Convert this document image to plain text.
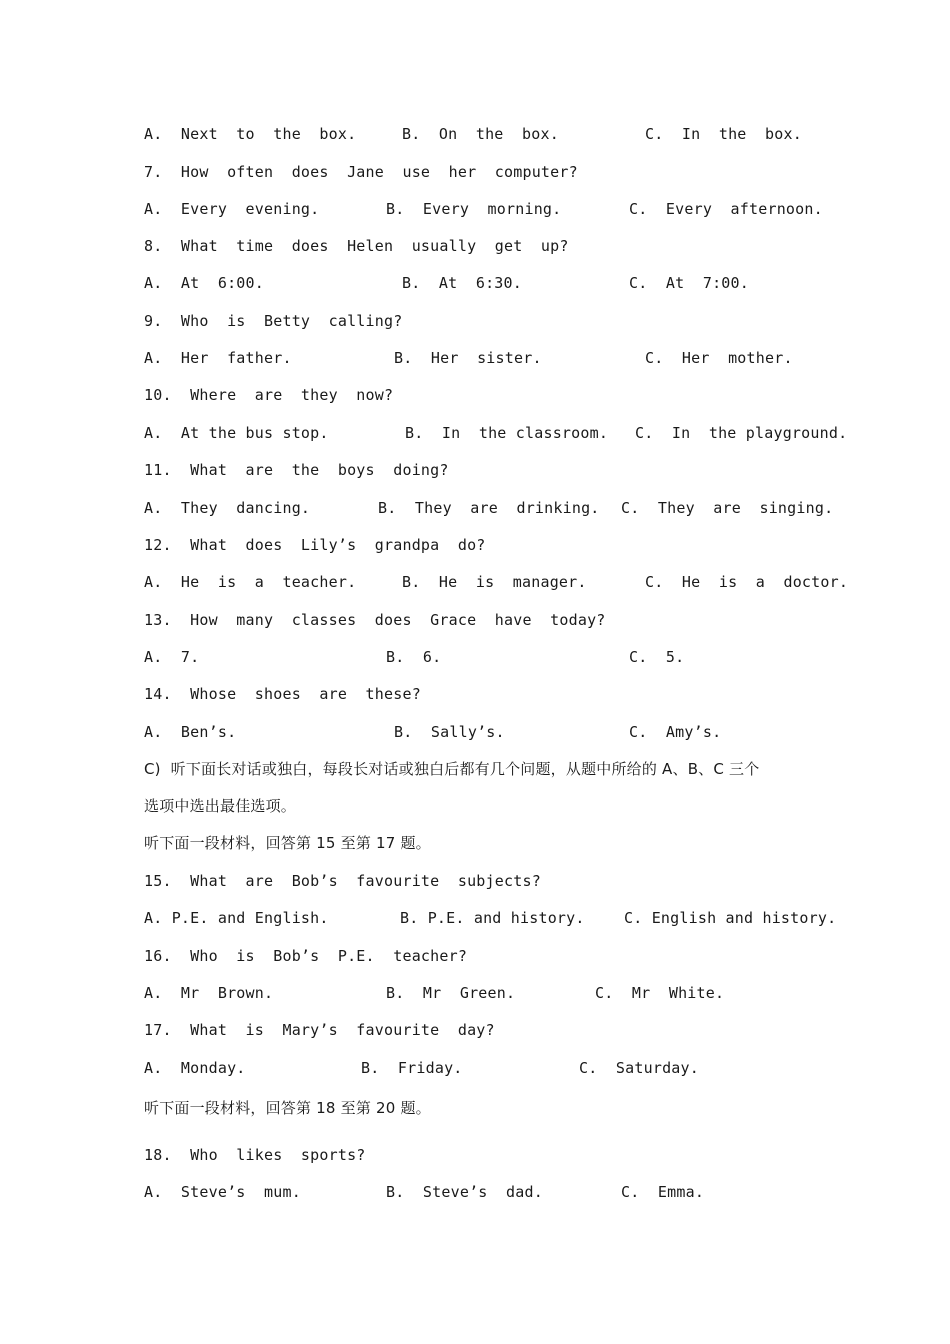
A.  Next  to  the  box.

	B.  On  the  box.

	C.  In  the  box.

7.  How  often  does  Jane  use  her  computer?

A.  Every  evening.

	B.  Every  morning.

	C.  Every  afternoon.

8.  What  time  does  Helen  usually  get  up?

A.  At  6:00.

	B.  At  6:30.

	C.  At  7:00.

9.  Who  is  Betty  calling?

A.  Her  father.

	B.  Her  sister.

	C.  Her  mother.

10.  Where  are  they  now?

A.  At the bus stop.

	B.  In  the classroom.

C.  In  the playground.

11.  What  are  the  boys  doing?

A.  They  dancing.

	B.  They  are  drinking.

C.  They  are  singing.

12.  What  does  Lily’s  grandpa  do?

A.  He  is  a  teacher.

	B.  He  is  manager.

	C.  He  is  a  doctor.

13.  How  many  classes  does  Grace  have  today?

A.  7.

	B.  6.

	C.  5.

14.  Whose  shoes  are  these?

A.  Ben’s.

	B.  Sally’s.

	C.  Amy’s.

C)  听下面长对话或独白，每段长对话或独白后都有几个问题，从题中所给的 A、B、C 三个
选项中选出最佳选项。
听下面一段材料，回答第 15 至第 17 题。
15.  What  are  Bob’s  favourite  subjects?

A. P.E. and English.

	B. P.E. and history.

	C. English and history.

16.  Who  is  Bob’s  P.E.  teacher?

A.  Mr  Brown.

	B.  Mr  Green.

	C.  Mr  White.

17.  What  is  Mary’s  favourite  day?

A.  Monday.

	B.  Friday.

	C.  Saturday.

听下面一段材料，回答第 18 至第 20 题。
18.  Who  likes  sports?

A.  Steve’s  mum.

	B.  Steve’s  dad.

	C.  Emma.
